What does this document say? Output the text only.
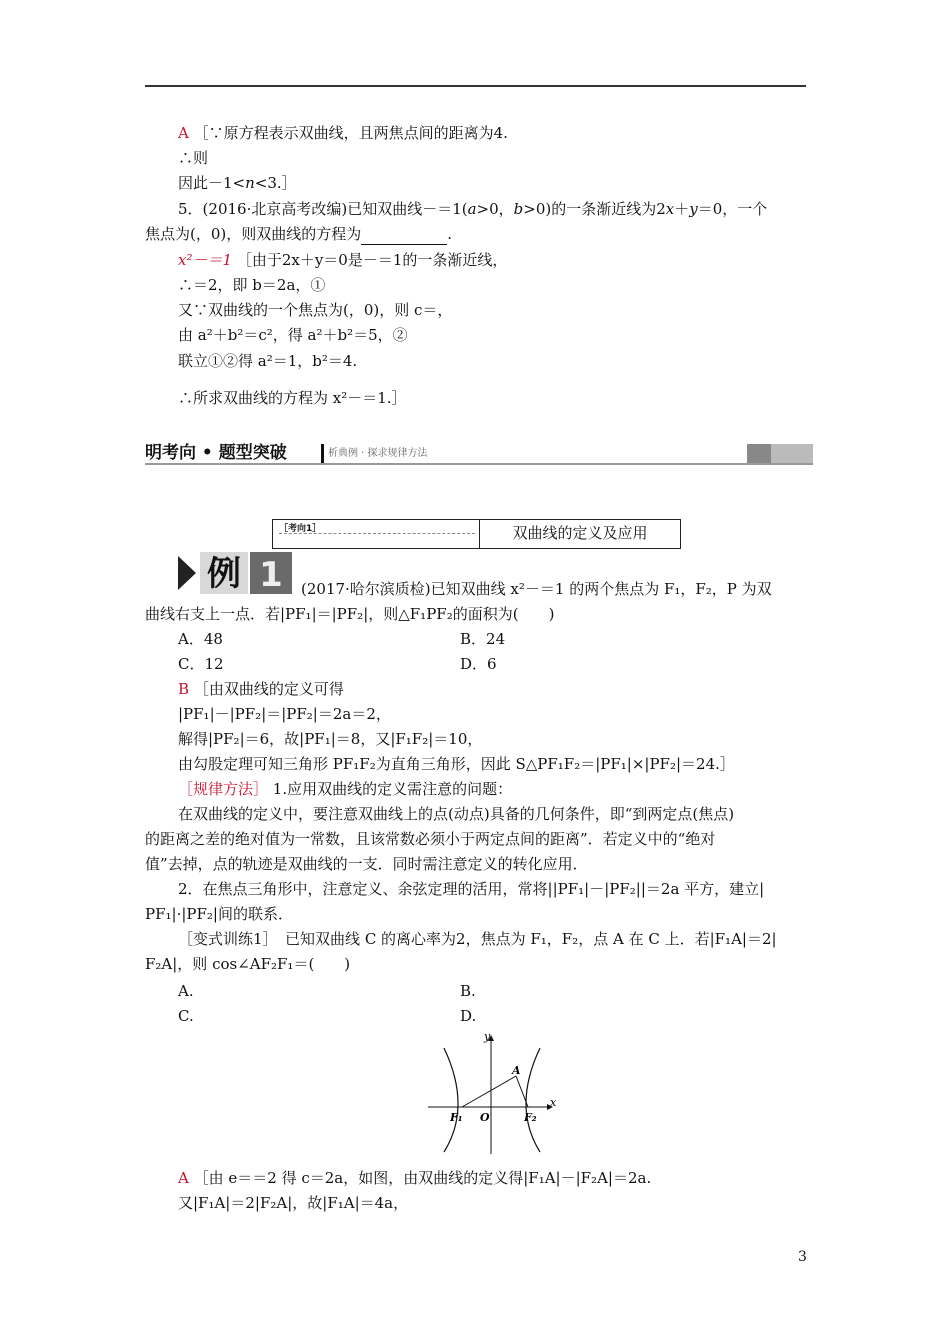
A ［∵原方程表示双曲线，且两焦点间的距离为4.
∴则
因此－1<n<3.］
5．(2016·北京高考改编)已知双曲线－＝1(a>0，b>0)的一条渐近线为2x＋y＝0，一个
焦点为(，0)，则双曲线的方程为	.
x²－＝1 ［由于2x＋y＝0是－＝1的一条渐近线，
∴＝2，即 b＝2a，①
又∵双曲线的一个焦点为(，0)，则 c＝，
由 a²＋b²＝c²，得 a²＋b²＝5，②
联立①②得 a²＝1，b²＝4.
∴所求双曲线的方程为 x²－＝1.］
明考向 • 题型突破	析典例 · 探求规律方法
［考向1］	双曲线的定义及应用
例 1 (2017·哈尔滨质检)已知双曲线 x²－＝1 的两个焦点为 F₁，F₂，P 为双
曲线右支上一点．若|PF₁|＝|PF₂|，则△F₁PF₂的面积为(　　)
A．48	B．24
C．12	D．6
B ［由双曲线的定义可得
|PF₁|－|PF₂|＝|PF₂|＝2a＝2，
解得|PF₂|＝6，故|PF₁|＝8，又|F₁F₂|＝10，
由勾股定理可知三角形 PF₁F₂为直角三角形，因此 S△PF₁F₂＝|PF₁|×|PF₂|＝24.］
［规律方法］ 1.应用双曲线的定义需注意的问题：
在双曲线的定义中，要注意双曲线上的点(动点)具备的几何条件，即“到两定点(焦点)
的距离之差的绝对值为一常数，且该常数必须小于两定点间的距离”．若定义中的“绝对
值”去掉，点的轨迹是双曲线的一支．同时需注意定义的转化应用．
2．在焦点三角形中，注意定义、余弦定理的活用，常将||PF₁|－|PF₂||＝2a 平方，建立|
PF₁|·|PF₂|间的联系．
［变式训练1］　已知双曲线 C 的离心率为2，焦点为 F₁，F₂，点 A 在 C 上．若|F₁A|＝2|
F₂A|，则 cos∠AF₂F₁＝(　　)
A.	B.
C.	D.
y
x
A
O
F₁	F₂
A ［由 e＝＝2 得 c＝2a，如图，由双曲线的定义得|F₁A|－|F₂A|＝2a.
又|F₁A|＝2|F₂A|，故|F₁A|＝4a，
3
